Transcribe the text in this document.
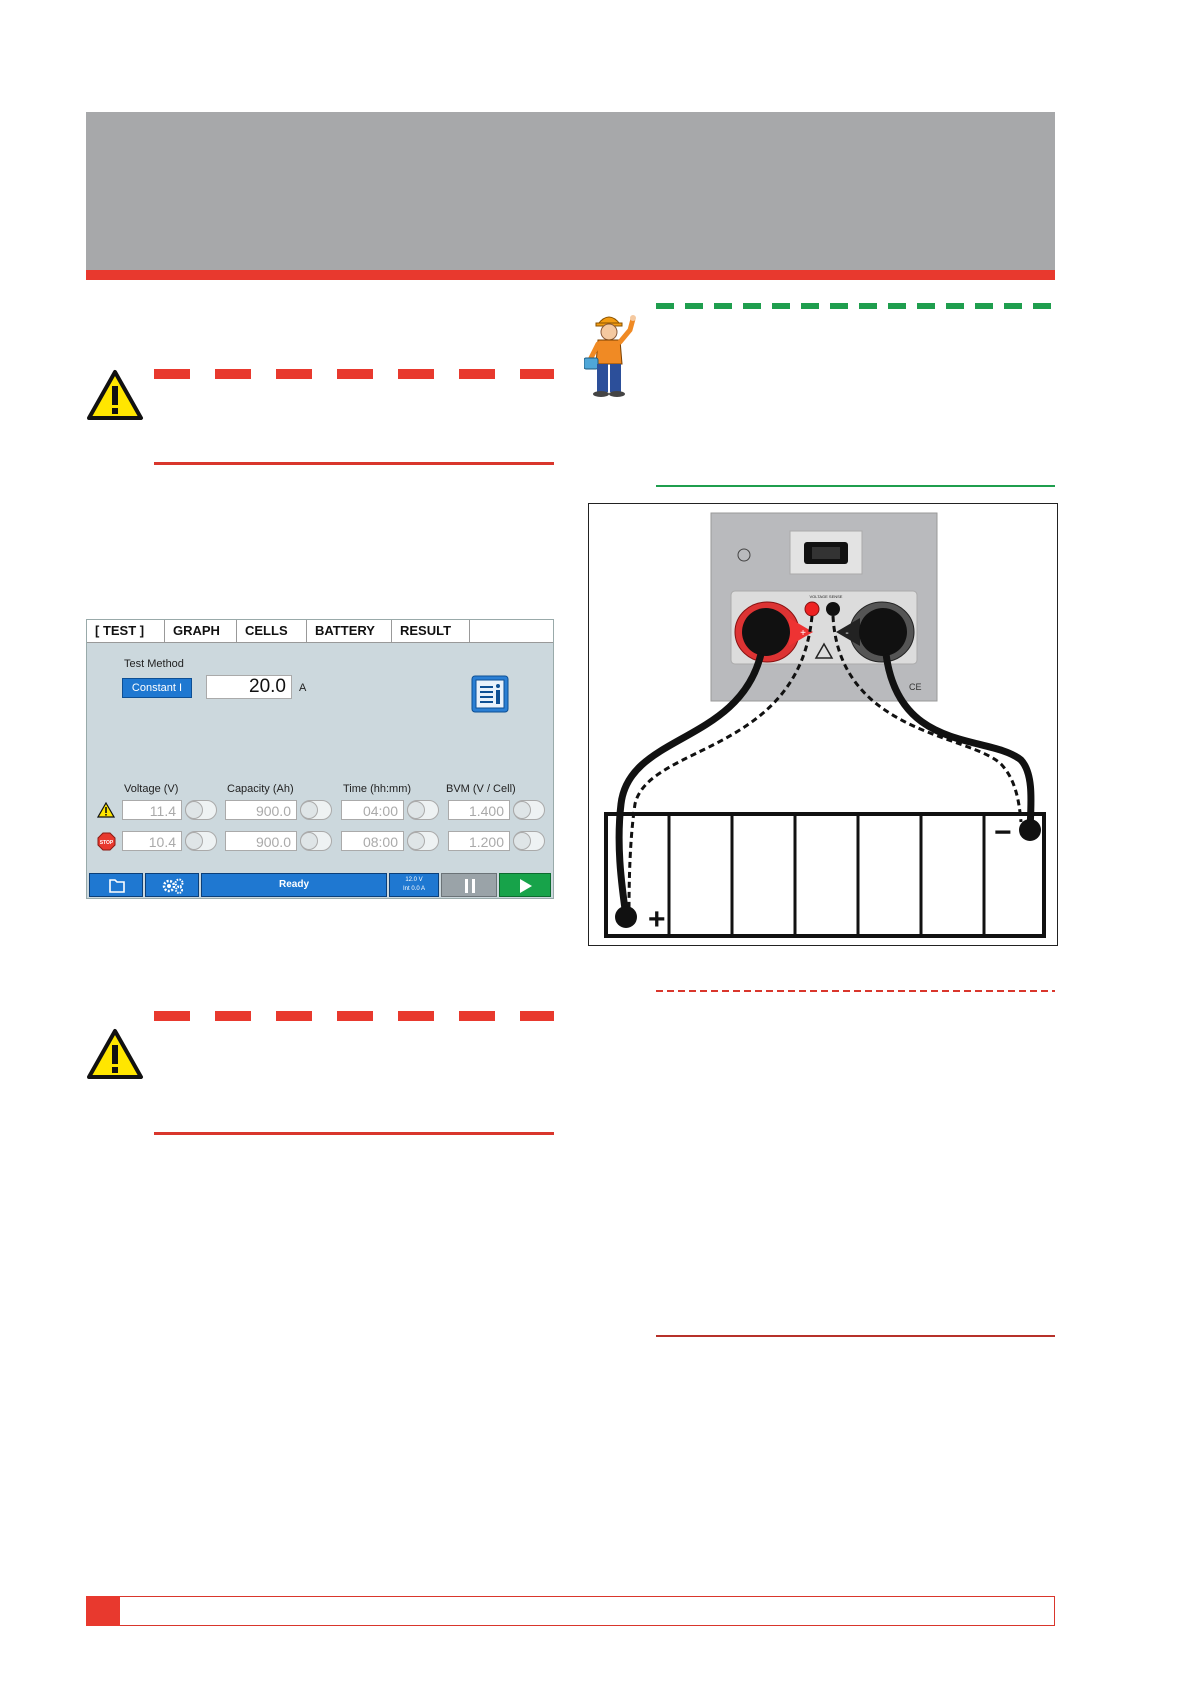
[ TEST ]	GRAPH	CELLS	BATTERY	RESULT
Test Method
Constant I	20.0	A
Voltage (V)	Capacity (Ah)	Time (hh:mm)	BVM (V / Cell)
11.4	900.0	04:00	1.400
STOP	10.4	900.0	08:00	1.200
Ready	12.0 V
Int 0.0 A
VOLTAGE SENSE
+	-
CE
+
−
